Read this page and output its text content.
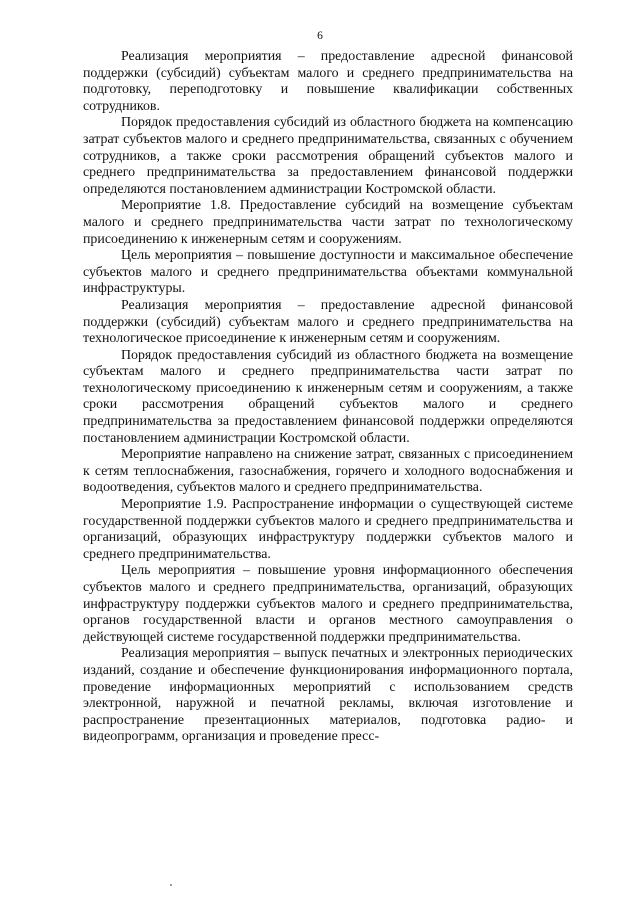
6

Реализация мероприятия – предоставление адресной финансовой поддержки (субсидий) субъектам малого и среднего предпринимательства на подготовку, переподготовку и повышение квалификации собственных сотрудников.

Порядок предоставления субсидий из областного бюджета на компенсацию затрат субъектов малого и среднего предпринимательства, связанных с обучением сотрудников, а также сроки рассмотрения обращений субъектов малого и среднего предпринимательства за предоставлением финансовой поддержки определяются постановлением администрации Костромской области.

Мероприятие 1.8. Предоставление субсидий на возмещение субъектам малого и среднего предпринимательства части затрат по технологическому присоединению к инженерным сетям и сооружениям.

Цель мероприятия – повышение доступности и максимальное обеспечение субъектов малого и среднего предпринимательства объектами коммунальной инфраструктуры.

Реализация мероприятия – предоставление адресной финансовой поддержки (субсидий) субъектам малого и среднего предпринимательства на технологическое присоединение к инженерным сетям и сооружениям.

Порядок предоставления субсидий из областного бюджета на возмещение субъектам малого и среднего предпринимательства части затрат по технологическому присоединению к инженерным сетям и сооружениям, а также сроки рассмотрения обращений субъектов малого и среднего предпринимательства за предоставлением финансовой поддержки определяются постановлением администрации Костромской области.

Мероприятие направлено на снижение затрат, связанных с присоединением к сетям теплоснабжения, газоснабжения, горячего и холодного водоснабжения и водоотведения, субъектов малого и среднего предпринимательства.

Мероприятие 1.9. Распространение информации о существующей системе государственной поддержки субъектов малого и среднего предпринимательства и организаций, образующих инфраструктуру поддержки субъектов малого и среднего предпринимательства.

Цель мероприятия – повышение уровня информационного обеспечения субъектов малого и среднего предпринимательства, организаций, образующих инфраструктуру поддержки субъектов малого и среднего предпринимательства, органов государственной власти и органов местного самоуправления о действующей системе государственной поддержки предпринимательства.

Реализация мероприятия – выпуск печатных и электронных периодических изданий, создание и обеспечение функционирования информационного портала, проведение информационных мероприятий с использованием средств электронной, наружной и печатной рекламы, включая изготовление и распространение презентационных материалов, подготовка радио- и видеопрограмм, организация и проведение пресс-
